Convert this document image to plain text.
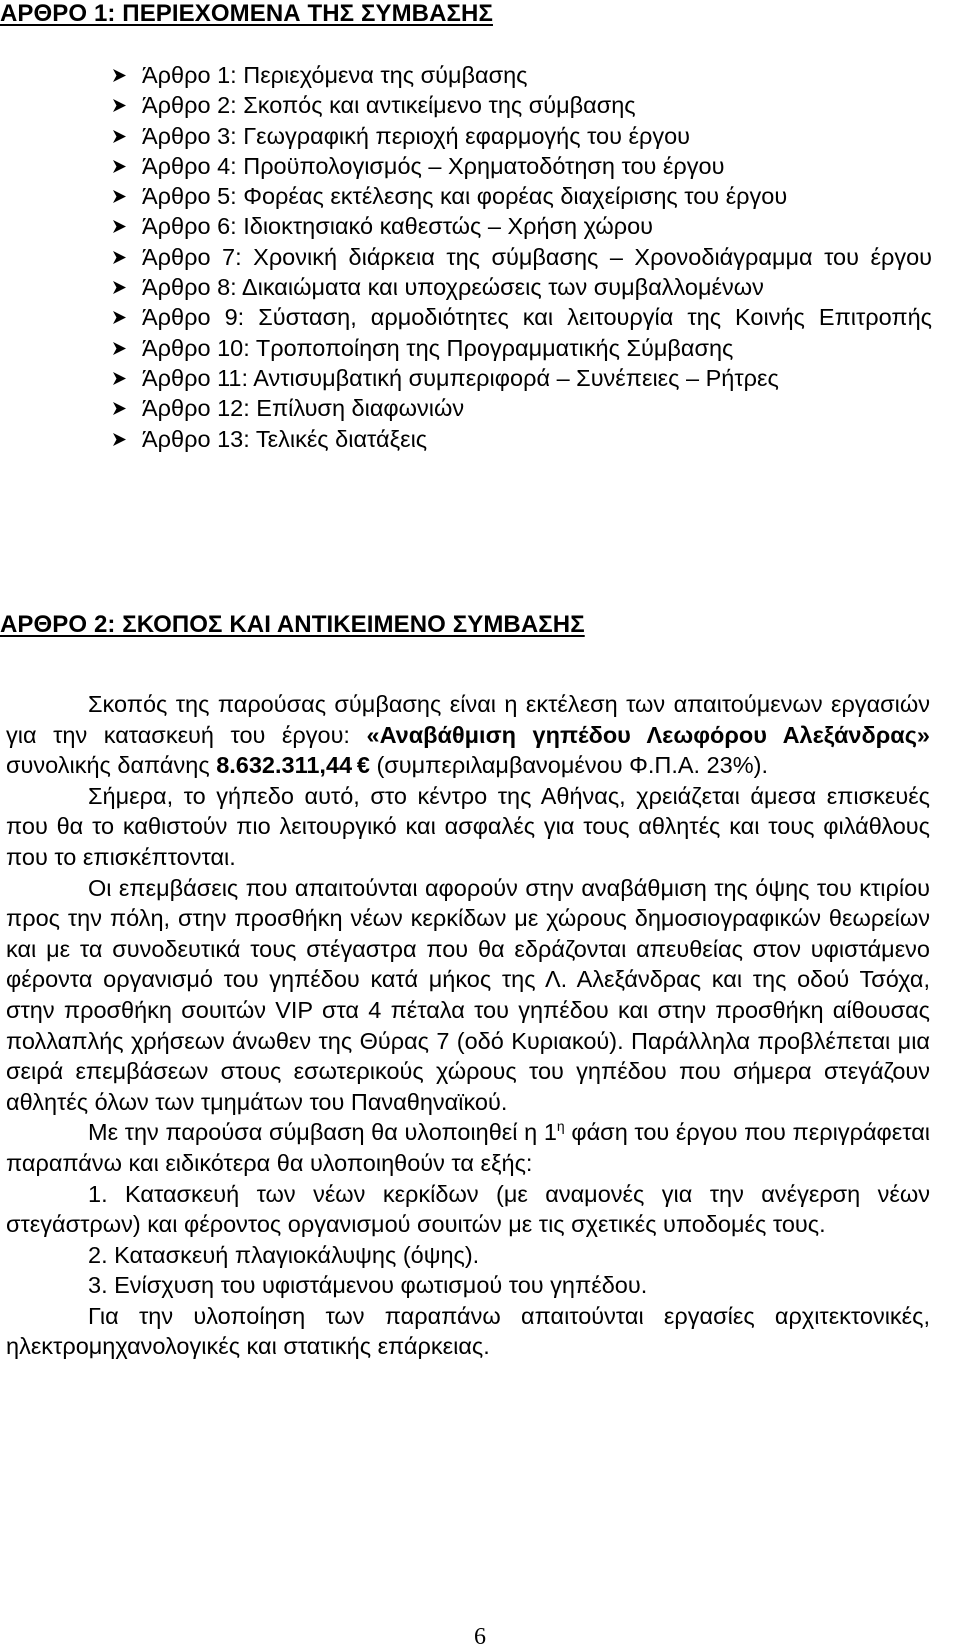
ΑΡΘΡΟ 1: ΠΕΡΙΕΧΟΜΕΝΑ ΤΗΣ ΣΥΜΒΑΣΗΣ
Άρθρο 1: Περιεχόμενα της σύμβασης
Άρθρο 2: Σκοπός και αντικείμενο της σύμβασης
Άρθρο 3: Γεωγραφική περιοχή εφαρμογής του έργου
Άρθρο 4: Προϋπολογισμός – Χρηματοδότηση του έργου
Άρθρο 5: Φορέας εκτέλεσης και φορέας διαχείρισης του έργου
Άρθρο 6: Ιδιοκτησιακό καθεστώς – Χρήση χώρου
Άρθρο 7: Χρονική διάρκεια της σύμβασης – Χρονοδιάγραμμα του έργου
Άρθρο 8: Δικαιώματα και υποχρεώσεις των συμβαλλομένων
Άρθρο 9: Σύσταση, αρμοδιότητες και λειτουργία της Κοινής Επιτροπής
Άρθρο 10: Τροποποίηση της Προγραμματικής Σύμβασης
Άρθρο 11: Αντισυμβατική συμπεριφορά – Συνέπειες – Ρήτρες
Άρθρο 12: Επίλυση διαφωνιών
Άρθρο 13: Τελικές διατάξεις
ΑΡΘΡΟ 2: ΣΚΟΠΟΣ ΚΑΙ ΑΝΤΙΚΕΙΜΕΝΟ ΣΥΜΒΑΣΗΣ

Σκοπός της παρούσας σύμβασης είναι η εκτέλεση των απαιτούμενων εργασιών για την κατασκευή του έργου: «Αναβάθμιση γηπέδου Λεωφόρου Αλεξάνδρας» συνολικής δαπάνης 8.632.311,44  € (συμπεριλαμβανομένου Φ.Π.Α. 23%).

Σήμερα, το γήπεδο αυτό, στο κέντρο της Αθήνας, χρειάζεται άμεσα επισκευές που θα το καθιστούν πιο λειτουργικό και ασφαλές για τους αθλητές και τους φιλάθλους που το επισκέπτονται.

Οι επεμβάσεις που απαιτούνται αφορούν στην αναβάθμιση της όψης του κτιρίου προς την πόλη, στην προσθήκη νέων κερκίδων με χώρους δημοσιογραφικών θεωρείων και με τα συνοδευτικά τους στέγαστρα που θα εδράζονται απευθείας στον υφιστάμενο φέροντα οργανισμό του γηπέδου κατά μήκος της Λ. Αλεξάνδρας και της οδού Τσόχα, στην προσθήκη σουιτών VIP στα 4 πέταλα του γηπέδου και στην προσθήκη αίθουσας πολλαπλής χρήσεων άνωθεν της Θύρας 7 (οδό Κυριακού). Παράλληλα προβλέπεται μια σειρά επεμβάσεων στους εσωτερικούς χώρους του γηπέδου που σήμερα στεγάζουν αθλητές όλων των τμημάτων του Παναθηναϊκού.

Με την παρούσα σύμβαση θα υλοποιηθεί η $1^\eta$ φάση του έργου που περιγράφεται παραπάνω και ειδικότερα θα υλοποιηθούν τα εξής:

1. Κατασκευή των νέων κερκίδων (με αναμονές για την ανέγερση νέων στεγάστρων) και φέροντος οργανισμού σουιτών με τις σχετικές υποδομές τους.

2. Κατασκευή πλαγιοκάλυψης (όψης).

3. Ενίσχυση του υφιστάμενου φωτισμού του γηπέδου.

Για την υλοποίηση των παραπάνω απαιτούνται εργασίες αρχιτεκτονικές, ηλεκτρομηχανολογικές και στατικής επάρκειας.

6
